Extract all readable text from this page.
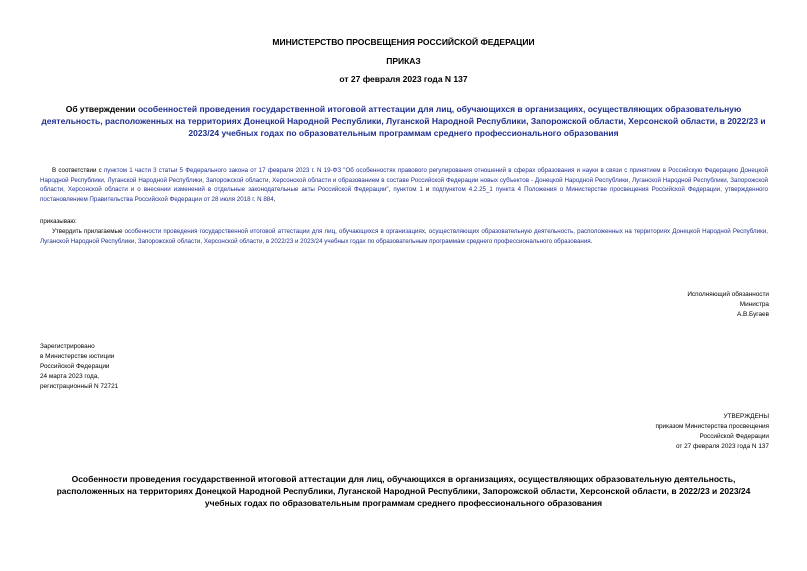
МИНИСТЕРСТВО ПРОСВЕЩЕНИЯ РОССИЙСКОЙ ФЕДЕРАЦИИ
ПРИКАЗ
от 27 февраля 2023 года N 137
Об утверждении особенностей проведения государственной итоговой аттестации для лиц, обучающихся в организациях, осуществляющих образовательную деятельность, расположенных на территориях Донецкой Народной Республики, Луганской Народной Республики, Запорожской области, Херсонской области, в 2022/23 и 2023/24 учебных годах по образовательным программам среднего профессионального образования
В соответствии с пунктом 1 части 3 статьи 5 Федерального закона от 17 февраля 2023 г. N 19-ФЗ "Об особенностях правового регулирования отношений в сферах образования и науки в связи с принятием в Российскую Федерацию Донецкой Народной Республики, Луганской Народной Республики, Запорожской области, Херсонской области и образованием в составе Российской Федерации новых субъектов - Донецкой Народной Республики, Луганской Народной Республики, Запорожской области, Херсонской области и о внесении изменений в отдельные законодательные акты Российской Федерации", пунктом 1 и подпунктом 4.2.25_1 пункта 4 Положения о Министерстве просвещения Российской Федерации, утвержденного постановлением Правительства Российской Федерации от 28 июля 2018 г. N 884,
приказываю:
Утвердить прилагаемые особенности проведения государственной итоговой аттестации для лиц, обучающихся в организациях, осуществляющих образовательную деятельность, расположенных на территориях Донецкой Народной Республики, Луганской Народной Республики, Запорожской области, Херсонской области, в 2022/23 и 2023/24 учебных годах по образовательным программам среднего профессионального образования.
Исполняющий обязанности
Министра
А.В.Бугаев
Зарегистрировано
в Министерстве юстиции
Российской Федерации
24 марта 2023 года,
регистрационный N 72721
УТВЕРЖДЕНЫ
приказом Министерства просвещения
Российской Федерации
от 27 февраля 2023 года N 137
Особенности проведения государственной итоговой аттестации для лиц, обучающихся в организациях, осуществляющих образовательную деятельность, расположенных на территориях Донецкой Народной Республики, Луганской Народной Республики, Запорожской области, Херсонской области, в 2022/23 и 2023/24 учебных годах по образовательным программам среднего профессионального образования
